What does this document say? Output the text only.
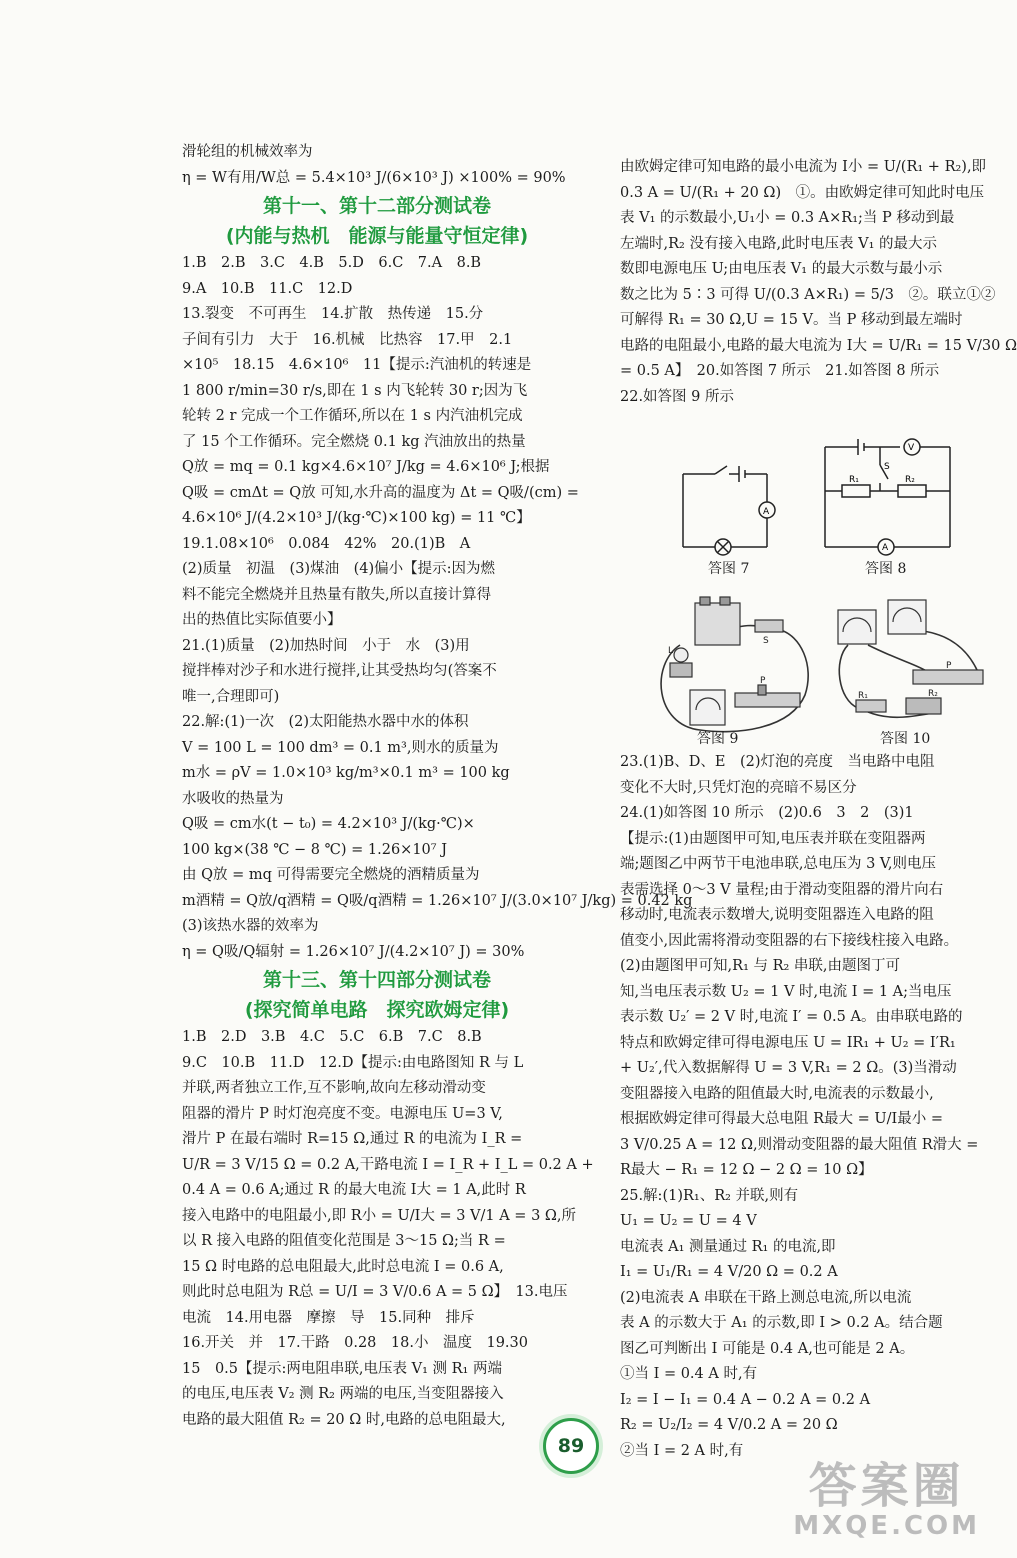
滑轮组的机械效率为

η = W有用/W总 = 5.4×10³ J/(6×10³ J) ×100% = 90%

第十一、第十二部分测试卷

(内能与热机　能源与能量守恒定律)

1.B　2.B　3.C　4.B　5.D　6.C　7.A　8.B

9.A　10.B　11.C　12.D

13.裂变　不可再生　14.扩散　热传递　15.分

子间有引力　大于　16.机械　比热容　17.甲　2.1

×10⁵　18.15　4.6×10⁶　11【提示:汽油机的转速是

1 800 r/min=30 r/s,即在 1 s 内飞轮转 30 r;因为飞

轮转 2 r 完成一个工作循环,所以在 1 s 内汽油机完成

了 15 个工作循环。完全燃烧 0.1 kg 汽油放出的热量

Q放 = mq = 0.1 kg×4.6×10⁷ J/kg = 4.6×10⁶ J;根据

Q吸 = cmΔt = Q放 可知,水升高的温度为 Δt = Q吸/(cm) =

4.6×10⁶ J/(4.2×10³ J/(kg·℃)×100 kg) = 11 ℃】

19.1.08×10⁶　0.084　42%　20.(1)B　A

(2)质量　初温　(3)煤油　(4)偏小【提示:因为燃

料不能完全燃烧并且热量有散失,所以直接计算得

出的热值比实际值要小】

21.(1)质量　(2)加热时间　小于　水　(3)用

搅拌棒对沙子和水进行搅拌,让其受热均匀(答案不

唯一,合理即可)

22.解:(1)一次　(2)太阳能热水器中水的体积

V = 100 L = 100 dm³ = 0.1 m³,则水的质量为

m水 = ρV = 1.0×10³ kg/m³×0.1 m³ = 100 kg

水吸收的热量为

Q吸 = cm水(t − t₀) = 4.2×10³ J/(kg·℃)×

100 kg×(38 ℃ − 8 ℃) = 1.26×10⁷ J

由 Q放 = mq 可得需要完全燃烧的酒精质量为

m酒精 = Q放/q酒精 = Q吸/q酒精 = 1.26×10⁷ J/(3.0×10⁷ J/kg) = 0.42 kg

(3)该热水器的效率为

η = Q吸/Q辐射 = 1.26×10⁷ J/(4.2×10⁷ J) = 30%

第十三、第十四部分测试卷

(探究简单电路　探究欧姆定律)

1.B　2.D　3.B　4.C　5.C　6.B　7.C　8.B

9.C　10.B　11.D　12.D【提示:由电路图知 R 与 L

并联,两者独立工作,互不影响,故向左移动滑动变

阻器的滑片 P 时灯泡亮度不变。电源电压 U=3 V,

滑片 P 在最右端时 R=15 Ω,通过 R 的电流为 I_R =

U/R = 3 V/15 Ω = 0.2 A,干路电流 I = I_R + I_L = 0.2 A +

0.4 A = 0.6 A;通过 R 的最大电流 I大 = 1 A,此时 R

接入电路中的电阻最小,即 R小 = U/I大 = 3 V/1 A = 3 Ω,所

以 R 接入电路的阻值变化范围是 3～15 Ω;当 R =

15 Ω 时电路的总电阻最大,此时总电流 I = 0.6 A,

则此时总电阻为 R总 = U/I = 3 V/0.6 A = 5 Ω】　13.电压

电流　14.用电器　摩擦　导　15.同种　排斥

16.开关　并　17.干路　0.28　18.小　温度　19.30

15　0.5【提示:两电阻串联,电压表 V₁ 测 R₁ 两端

的电压,电压表 V₂ 测 R₂ 两端的电压,当变阻器接入

电路的最大阻值 R₂ = 20 Ω 时,电路的总电阻最大,

由欧姆定律可知电路的最小电流为 I小 = U/(R₁ + R₂),即

0.3 A = U/(R₁ + 20 Ω)　①。由欧姆定律可知此时电压

表 V₁ 的示数最小,U₁小 = 0.3 A×R₁;当 P 移动到最

左端时,R₂ 没有接入电路,此时电压表 V₁ 的最大示

数即电源电压 U;由电压表 V₁ 的最大示数与最小示

数之比为 5∶3 可得 U/(0.3 A×R₁) = 5/3　②。联立①②

可解得 R₁ = 30 Ω,U = 15 V。当 P 移动到最左端时

电路的电阻最小,电路的最大电流为 I大 = U/R₁ = 15 V/30 Ω

= 0.5 A】　20.如答图 7 所示　21.如答图 8 所示

22.如答图 9 所示

A
答图 7
V
S
R₁	R₂
A
答图 8
L
S
P
答图 9
R₁	R₂
P
答图 10

23.(1)B、D、E　(2)灯泡的亮度　当电路中电阻

变化不大时,只凭灯泡的亮暗不易区分

24.(1)如答图 10 所示　(2)0.6　3　2　(3)1

【提示:(1)由题图甲可知,电压表并联在变阻器两

端;题图乙中两节干电池串联,总电压为 3 V,则电压

表需选择 0～3 V 量程;由于滑动变阻器的滑片向右

移动时,电流表示数增大,说明变阻器连入电路的阻

值变小,因此需将滑动变阻器的右下接线柱接入电路。

(2)由题图甲可知,R₁ 与 R₂ 串联,由题图丁可

知,当电压表示数 U₂ = 1 V 时,电流 I = 1 A;当电压

表示数 U₂′ = 2 V 时,电流 I′ = 0.5 A。由串联电路的

特点和欧姆定律可得电源电压 U = IR₁ + U₂ = I′R₁

+ U₂′,代入数据解得 U = 3 V,R₁ = 2 Ω。(3)当滑动

变阻器接入电路的阻值最大时,电流表的示数最小,

根据欧姆定律可得最大总电阻 R最大 = U/I最小 =

3 V/0.25 A = 12 Ω,则滑动变阻器的最大阻值 R滑大 =

R最大 − R₁ = 12 Ω − 2 Ω = 10 Ω】

25.解:(1)R₁、R₂ 并联,则有

U₁ = U₂ = U = 4 V

电流表 A₁ 测量通过 R₁ 的电流,即

I₁ = U₁/R₁ = 4 V/20 Ω = 0.2 A

(2)电流表 A 串联在干路上测总电流,所以电流

表 A 的示数大于 A₁ 的示数,即 I > 0.2 A。结合题

图乙可判断出 I 可能是 0.4 A,也可能是 2 A。

①当 I = 0.4 A 时,有

I₂ = I − I₁ = 0.4 A − 0.2 A = 0.2 A

R₂ = U₂/I₂ = 4 V/0.2 A = 20 Ω

②当 I = 2 A 时,有

89
答案圈
MXQE.COM
